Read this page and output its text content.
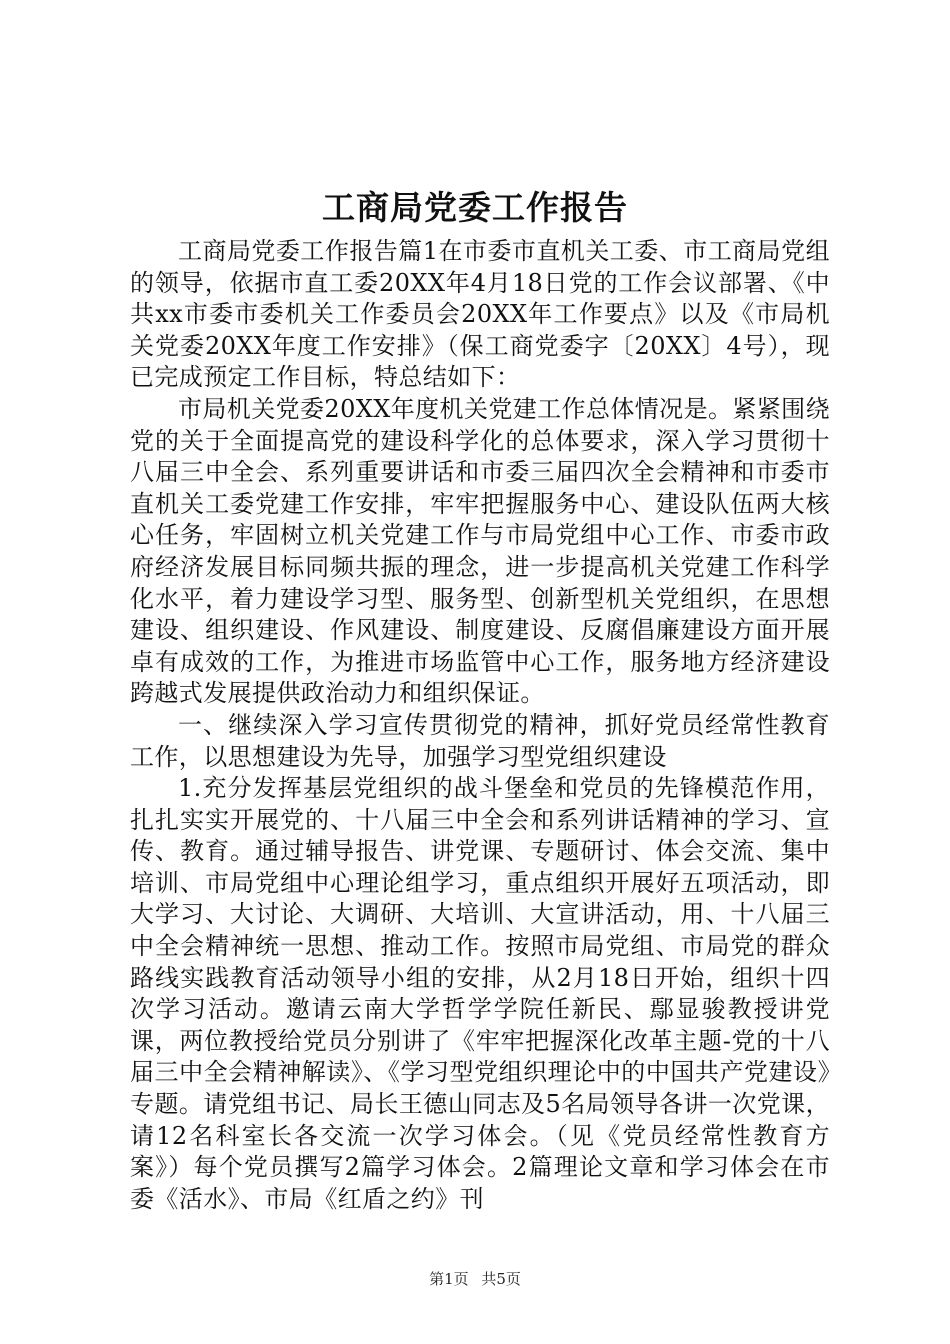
工商局党委工作报告

工商局党委工作报告篇1在市委市直机关工委、市工商局党组的领导，依据市直工委20XX年4月18日党的工作会议部署、《中共xx市委市委机关工作委员会20XX年工作要点》以及《市局机关党委20XX年度工作安排》（保工商党委字〔20XX〕4号），现已完成预定工作目标，特总结如下：

市局机关党委20XX年度机关党建工作总体情况是。紧紧围绕党的关于全面提高党的建设科学化的总体要求，深入学习贯彻十八届三中全会、系列重要讲话和市委三届四次全会精神和市委市直机关工委党建工作安排，牢牢把握服务中心、建设队伍两大核心任务，牢固树立机关党建工作与市局党组中心工作、市委市政府经济发展目标同频共振的理念，进一步提高机关党建工作科学化水平，着力建设学习型、服务型、创新型机关党组织，在思想建设、组织建设、作风建设、制度建设、反腐倡廉建设方面开展卓有成效的工作，为推进市场监管中心工作，服务地方经济建设跨越式发展提供政治动力和组织保证。

一、继续深入学习宣传贯彻党的精神，抓好党员经常性教育工作，以思想建设为先导，加强学习型党组织建设

1.充分发挥基层党组织的战斗堡垒和党员的先锋模范作用，扎扎实实开展党的、十八届三中全会和系列讲话精神的学习、宣传、教育。通过辅导报告、讲党课、专题研讨、体会交流、集中培训、市局党组中心理论组学习，重点组织开展好五项活动，即大学习、大讨论、大调研、大培训、大宣讲活动，用、十八届三中全会精神统一思想、推动工作。按照市局党组、市局党的群众路线实践教育活动领导小组的安排，从2月18日开始，组织十四次学习活动。邀请云南大学哲学学院任新民、鄢显骏教授讲党课，两位教授给党员分别讲了《牢牢把握深化改革主题-党的十八届三中全会精神解读》、《学习型党组织理论中的中国共产党建设》专题。请党组书记、局长王德山同志及5名局领导各讲一次党课，请12名科室长各交流一次学习体会。（见《党员经常性教育方案》）每个党员撰写2篇学习体会。2篇理论文章和学习体会在市委《活水》、市局《红盾之约》刊

第1页 共5页
